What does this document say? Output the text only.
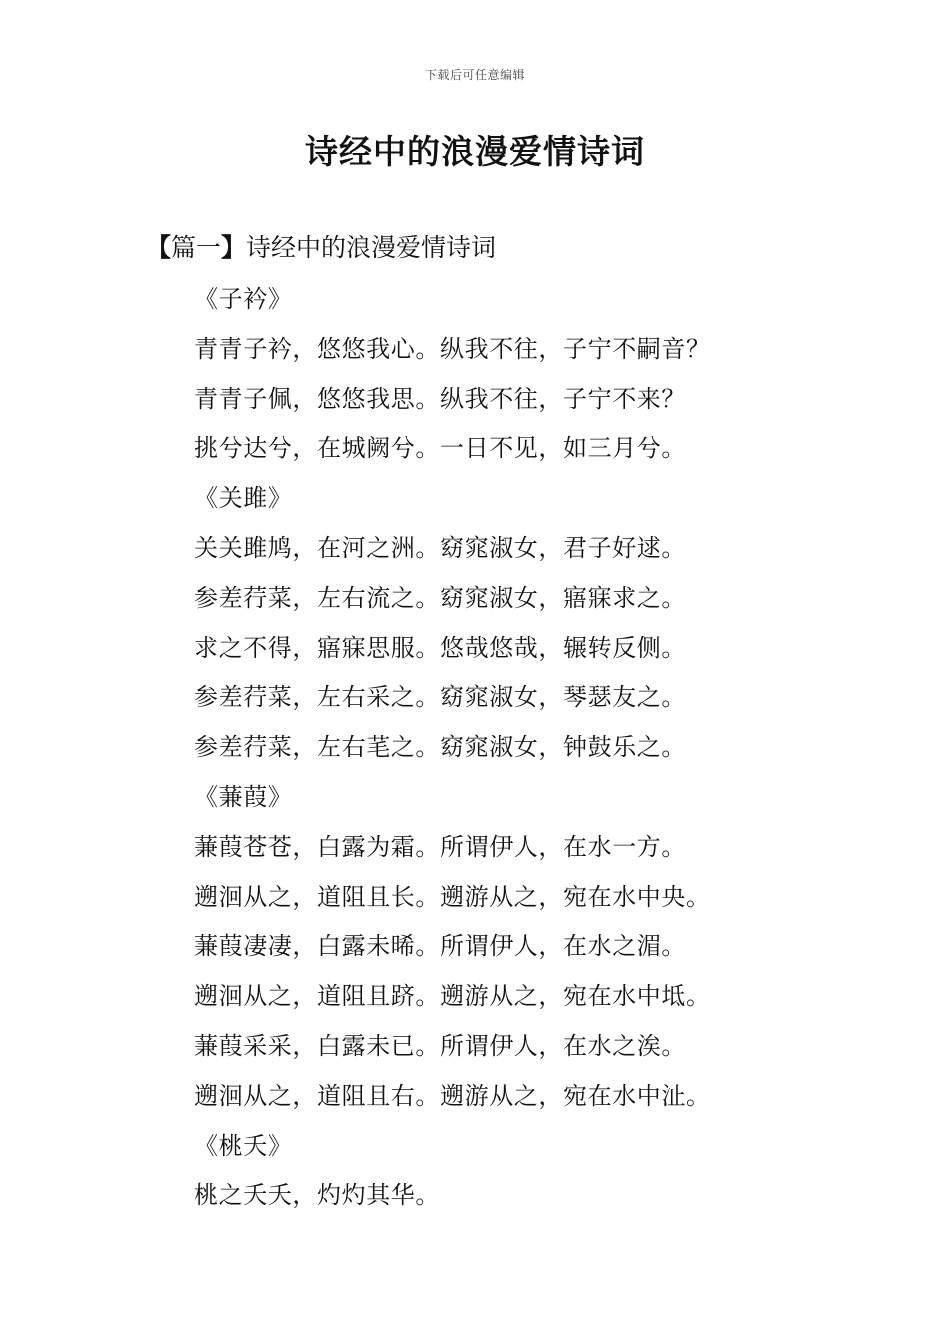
下载后可任意编辑
诗经中的浪漫爱情诗词
【篇一】诗经中的浪漫爱情诗词
《子衿》
青青子衿，悠悠我心。纵我不往，子宁不嗣音？
青青子佩，悠悠我思。纵我不往，子宁不来？
挑兮达兮，在城阙兮。一日不见，如三月兮。
《关雎》
关关雎鸠，在河之洲。窈窕淑女，君子好逑。
参差荇菜，左右流之。窈窕淑女，寤寐求之。
求之不得，寤寐思服。悠哉悠哉，辗转反侧。
参差荇菜，左右采之。窈窕淑女，琴瑟友之。
参差荇菜，左右芼之。窈窕淑女，钟鼓乐之。
《蒹葭》
蒹葭苍苍，白露为霜。所谓伊人，在水一方。
遡洄从之，道阻且长。遡游从之，宛在水中央。
蒹葭凄凄，白露未晞。所谓伊人，在水之湄。
遡洄从之，道阻且跻。遡游从之，宛在水中坻。
蒹葭采采，白露未已。所谓伊人，在水之涘。
遡洄从之，道阻且右。遡游从之，宛在水中沚。
《桃夭》
桃之夭夭，灼灼其华。
